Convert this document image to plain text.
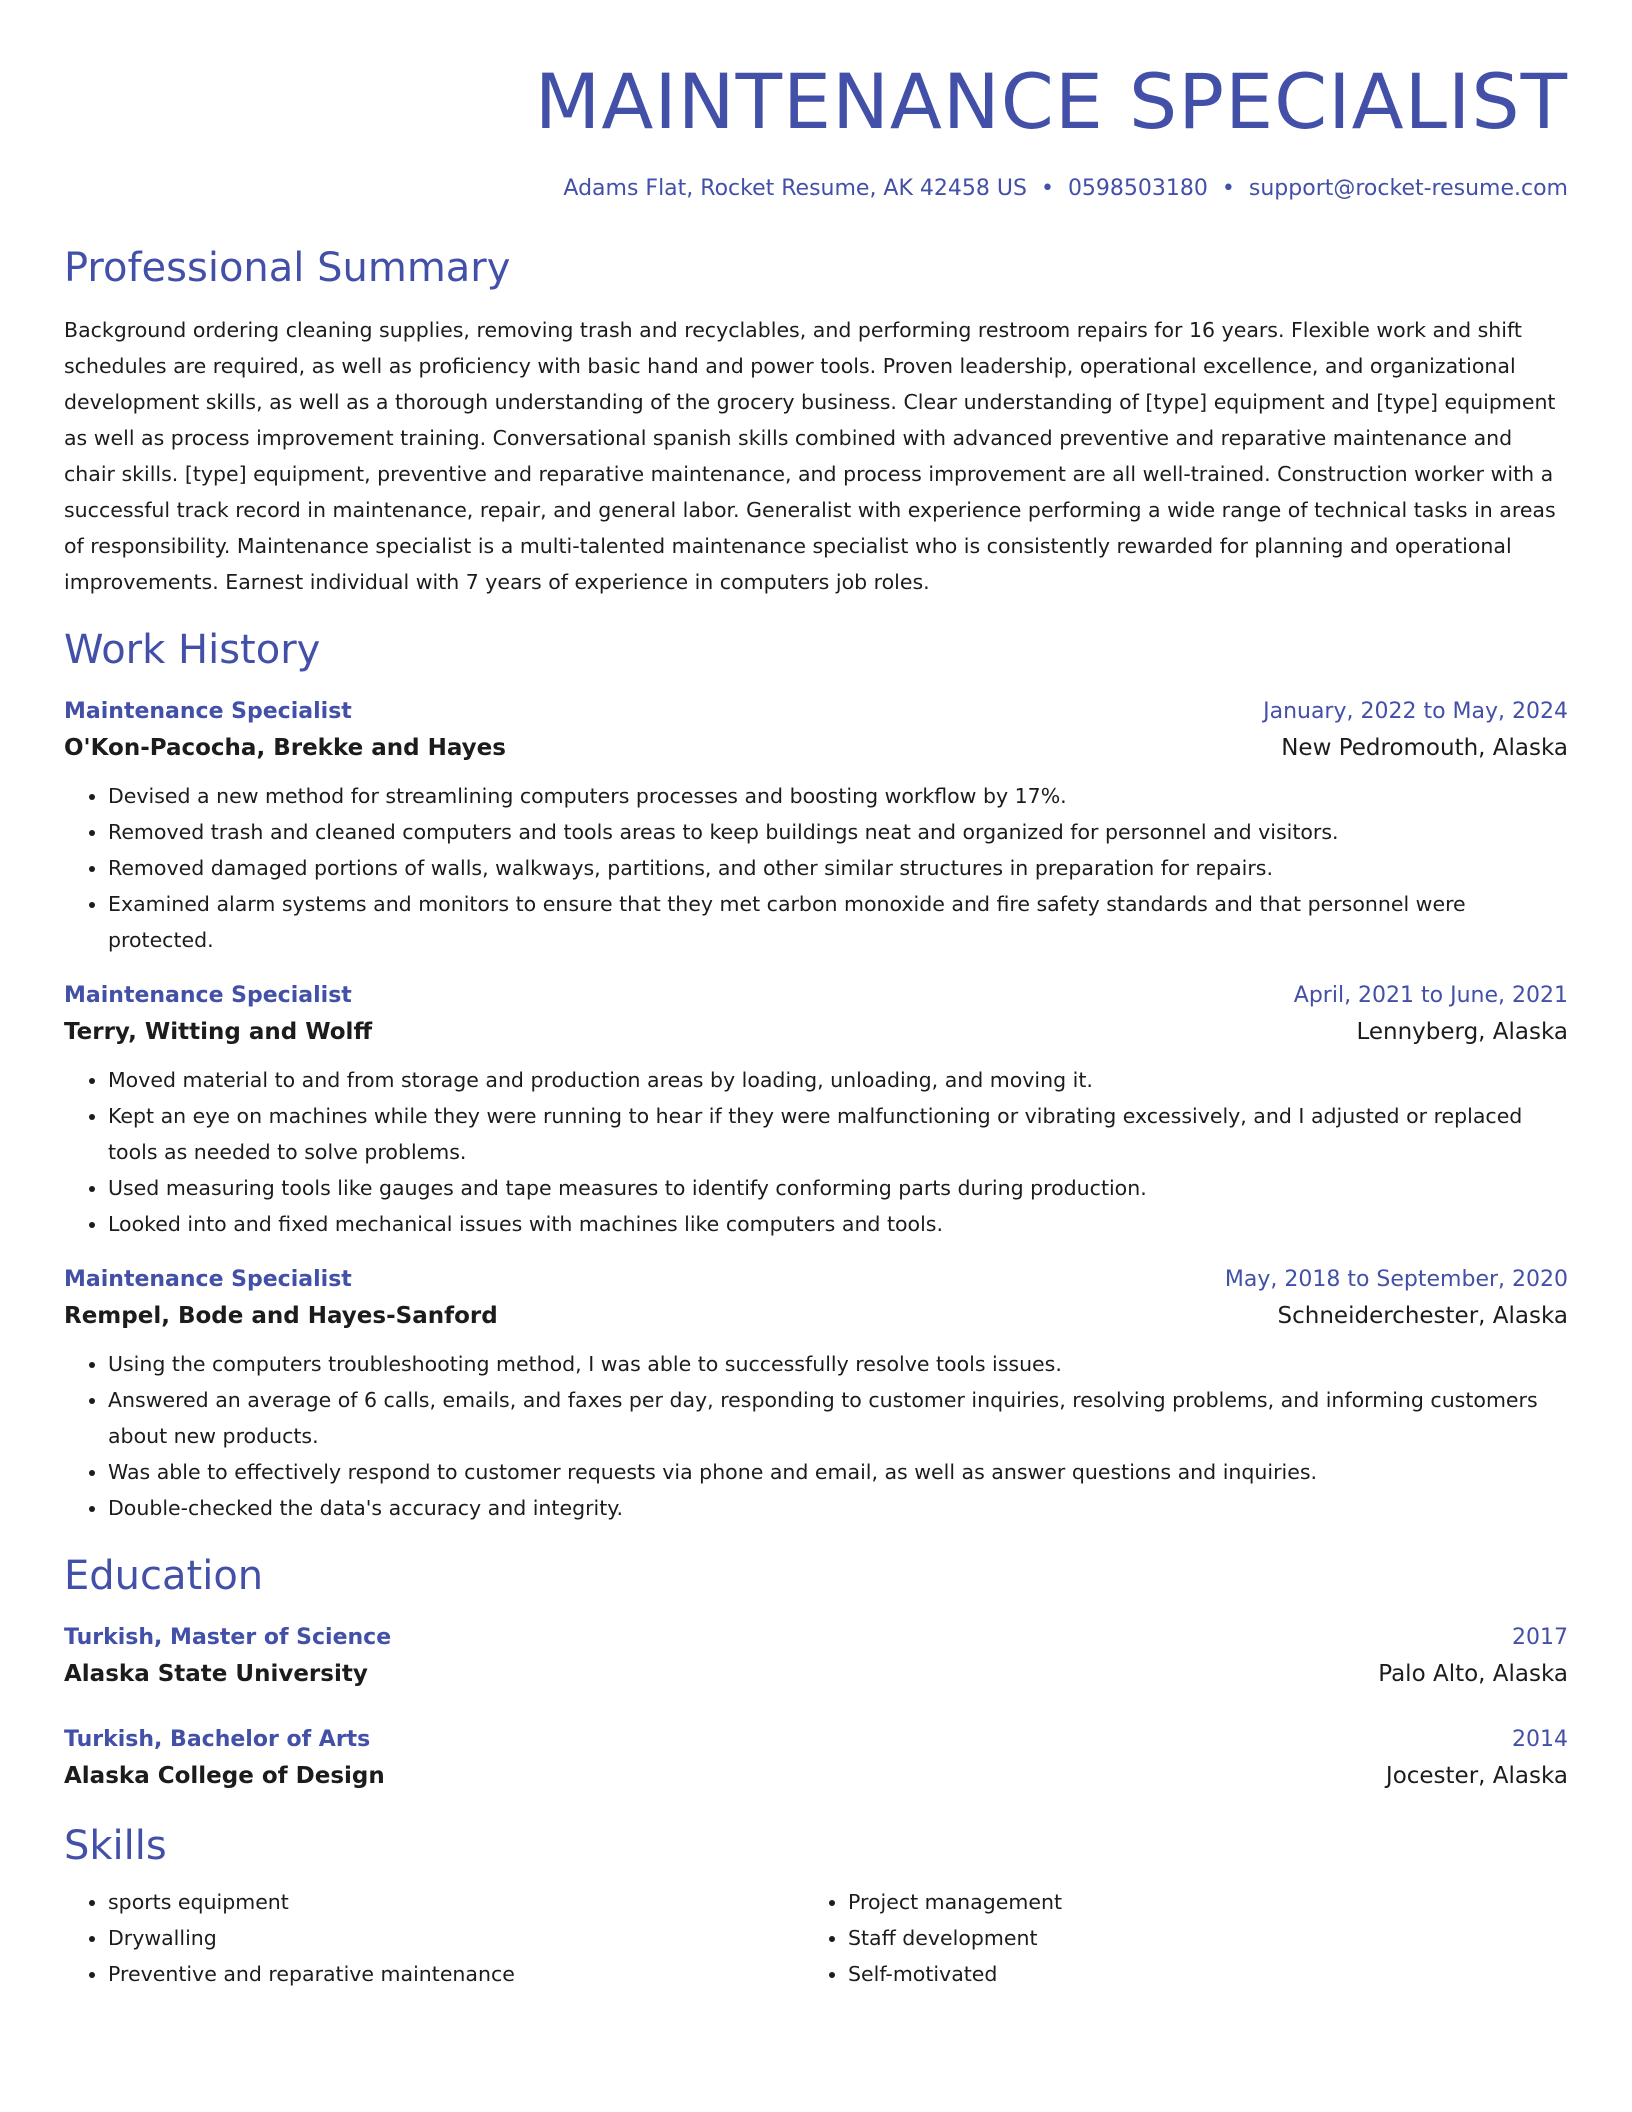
MAINTENANCE SPECIALIST
Adams Flat, Rocket Resume, AK 42458 US • 0598503180 • support@rocket-resume.com
Professional Summary
Background ordering cleaning supplies, removing trash and recyclables, and performing restroom repairs for 16 years. Flexible work and shift schedules are required, as well as proficiency with basic hand and power tools. Proven leadership, operational excellence, and organizational development skills, as well as a thorough understanding of the grocery business. Clear understanding of [type] equipment and [type] equipment as well as process improvement training. Conversational spanish skills combined with advanced preventive and reparative maintenance and chair skills. [type] equipment, preventive and reparative maintenance, and process improvement are all well-trained. Construction worker with a successful track record in maintenance, repair, and general labor. Generalist with experience performing a wide range of technical tasks in areas of responsibility. Maintenance specialist is a multi-talented maintenance specialist who is consistently rewarded for planning and operational improvements. Earnest individual with 7 years of experience in computers job roles.
Work History
Maintenance Specialist	January, 2022 to May, 2024
O'Kon-Pacocha, Brekke and Hayes	New Pedromouth, Alaska
• Devised a new method for streamlining computers processes and boosting workflow by 17%.
• Removed trash and cleaned computers and tools areas to keep buildings neat and organized for personnel and visitors.
• Removed damaged portions of walls, walkways, partitions, and other similar structures in preparation for repairs.
• Examined alarm systems and monitors to ensure that they met carbon monoxide and fire safety standards and that personnel were protected.
Maintenance Specialist	April, 2021 to June, 2021
Terry, Witting and Wolff	Lennyberg, Alaska
• Moved material to and from storage and production areas by loading, unloading, and moving it.
• Kept an eye on machines while they were running to hear if they were malfunctioning or vibrating excessively, and I adjusted or replaced tools as needed to solve problems.
• Used measuring tools like gauges and tape measures to identify conforming parts during production.
• Looked into and fixed mechanical issues with machines like computers and tools.
Maintenance Specialist	May, 2018 to September, 2020
Rempel, Bode and Hayes-Sanford	Schneiderchester, Alaska
• Using the computers troubleshooting method, I was able to successfully resolve tools issues.
• Answered an average of 6 calls, emails, and faxes per day, responding to customer inquiries, resolving problems, and informing customers about new products.
• Was able to effectively respond to customer requests via phone and email, as well as answer questions and inquiries.
• Double-checked the data's accuracy and integrity.
Education
Turkish, Master of Science	2017
Alaska State University	Palo Alto, Alaska
Turkish, Bachelor of Arts	2014
Alaska College of Design	Jocester, Alaska
Skills
• sports equipment
• Drywalling
• Preventive and reparative maintenance
• Project management
• Staff development
• Self-motivated
